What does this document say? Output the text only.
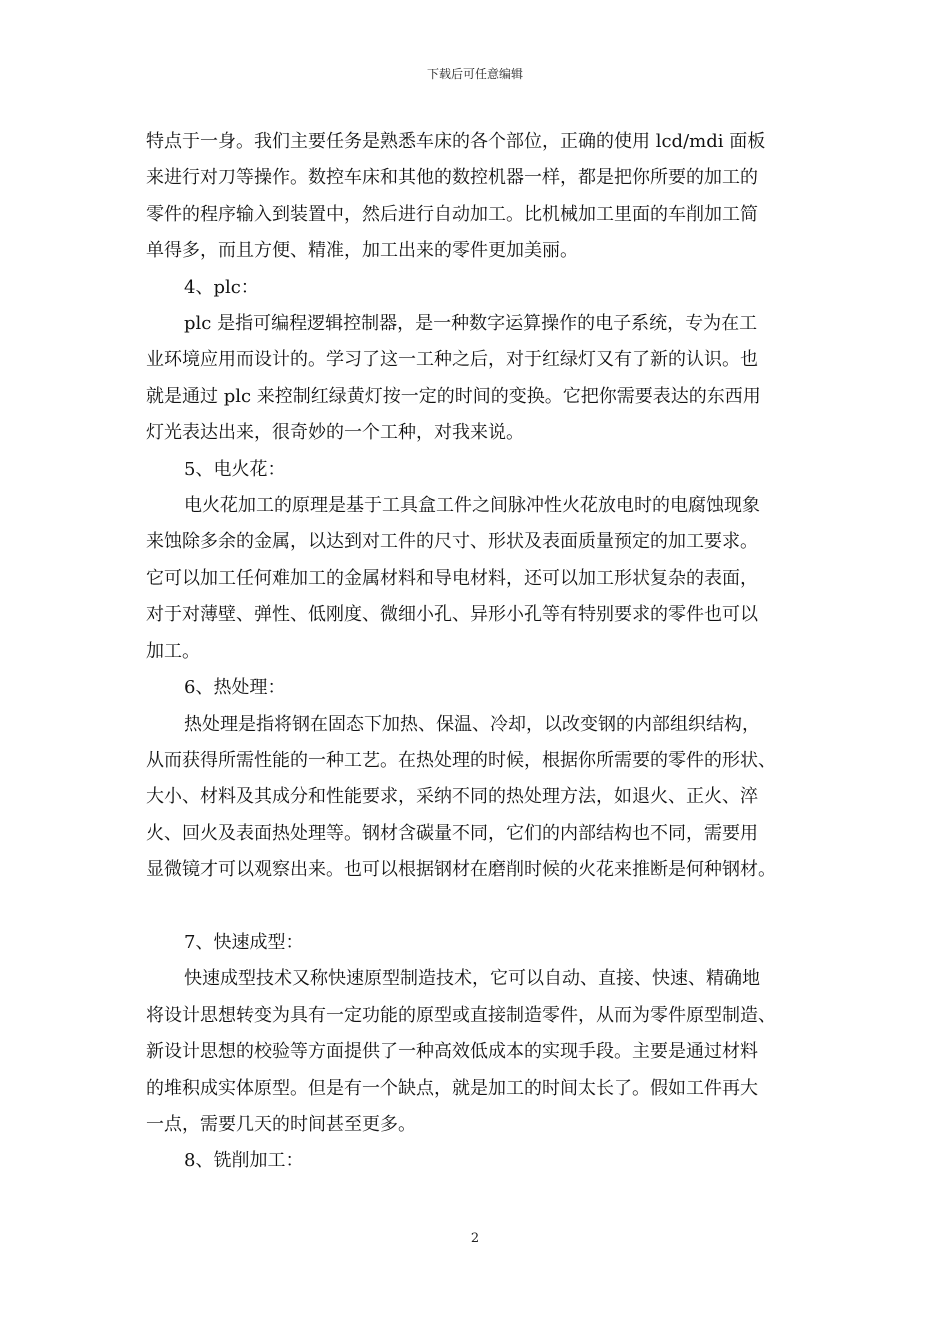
下载后可任意编辑

特点于一身。我们主要任务是熟悉车床的各个部位，正确的使用 lcd/mdi 面板

来进行对刀等操作。数控车床和其他的数控机器一样，都是把你所要的加工的

零件的程序输入到装置中，然后进行自动加工。比机械加工里面的车削加工简

单得多，而且方便、精准，加工出来的零件更加美丽。

4、plc：

plc 是指可编程逻辑控制器，是一种数字运算操作的电子系统，专为在工

业环境应用而设计的。学习了这一工种之后，对于红绿灯又有了新的认识。也

就是通过 plc 来控制红绿黄灯按一定的时间的变换。它把你需要表达的东西用

灯光表达出来，很奇妙的一个工种，对我来说。

5、电火花：

电火花加工的原理是基于工具盒工件之间脉冲性火花放电时的电腐蚀现象

来蚀除多余的金属，以达到对工件的尺寸、形状及表面质量预定的加工要求。

它可以加工任何难加工的金属材料和导电材料，还可以加工形状复杂的表面，

对于对薄壁、弹性、低刚度、微细小孔、异形小孔等有特别要求的零件也可以

加工。

6、热处理：

热处理是指将钢在固态下加热、保温、冷却，以改变钢的内部组织结构，

从而获得所需性能的一种工艺。在热处理的时候，根据你所需要的零件的形状、

大小、材料及其成分和性能要求，采纳不同的热处理方法，如退火、正火、淬

火、回火及表面热处理等。钢材含碳量不同，它们的内部结构也不同，需要用

显微镜才可以观察出来。也可以根据钢材在磨削时候的火花来推断是何种钢材。

7、快速成型：

快速成型技术又称快速原型制造技术，它可以自动、直接、快速、精确地

将设计思想转变为具有一定功能的原型或直接制造零件，从而为零件原型制造、

新设计思想的校验等方面提供了一种高效低成本的实现手段。主要是通过材料

的堆积成实体原型。但是有一个缺点，就是加工的时间太长了。假如工件再大

一点，需要几天的时间甚至更多。

8、铣削加工：

2
